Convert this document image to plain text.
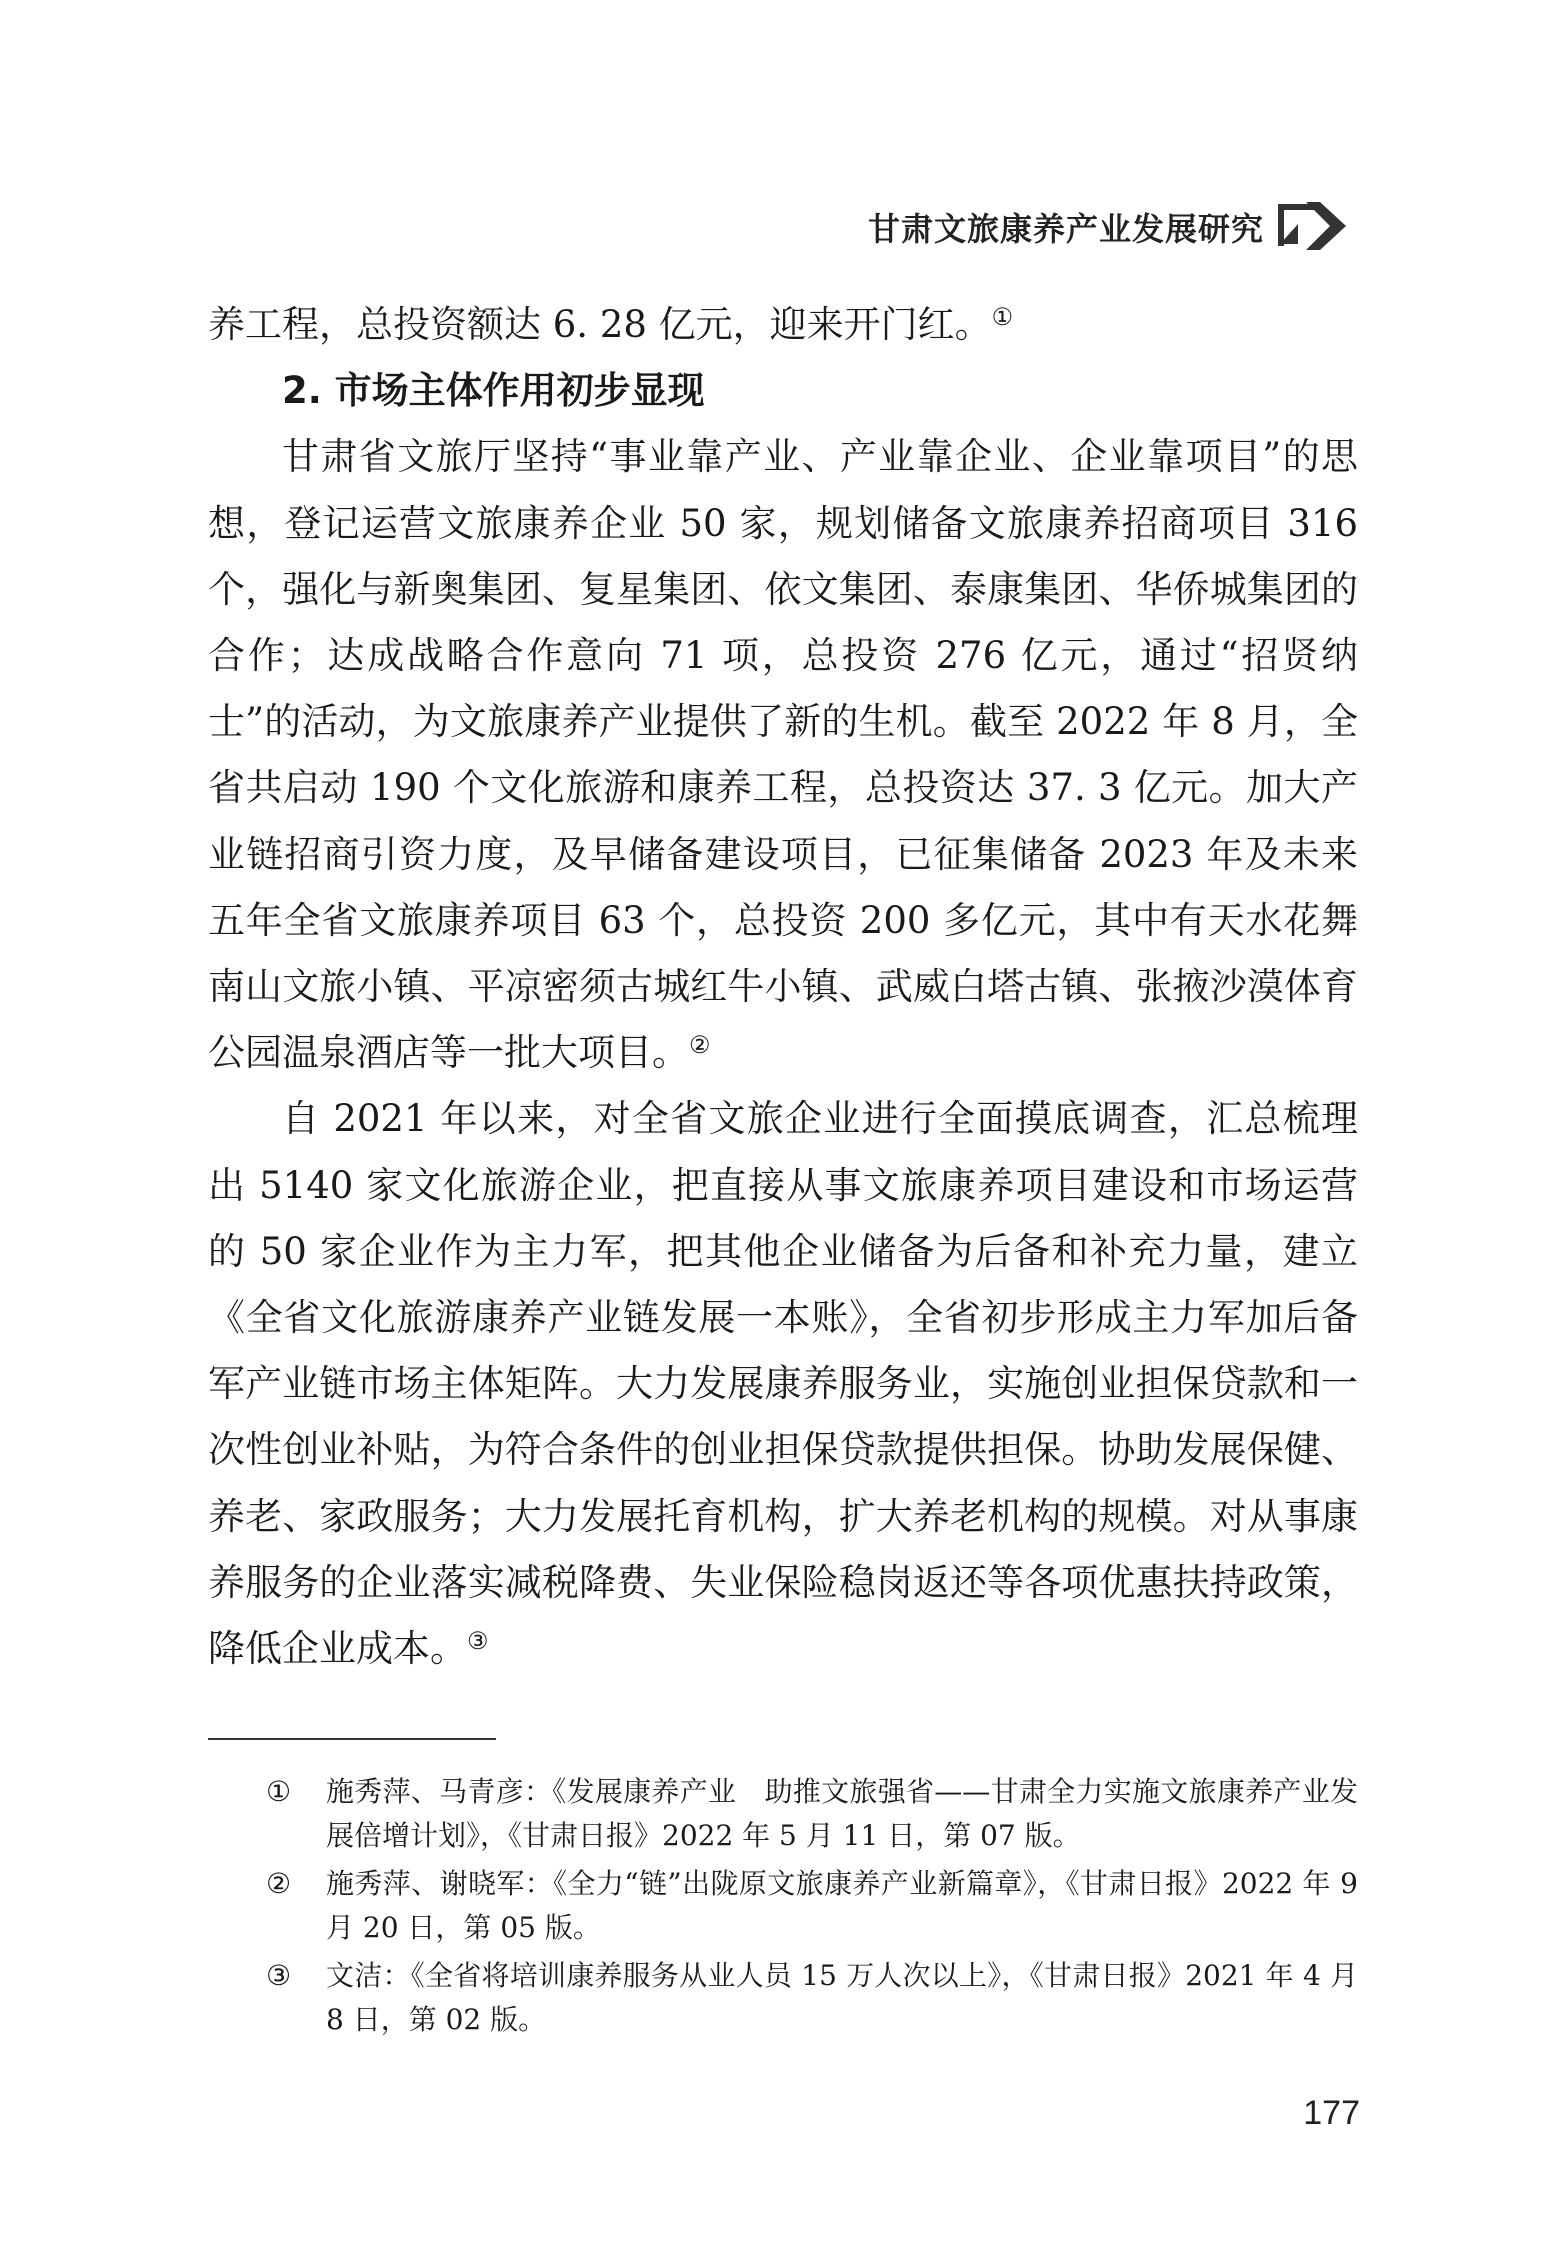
甘肃文旅康养产业发展研究

养工程，总投资额达 6. 28 亿元，迎来开门红。①

2. 市场主体作用初步显现

甘肃省文旅厅坚持“事业靠产业、产业靠企业、企业靠项目”的思想，登记运营文旅康养企业 50 家，规划储备文旅康养招商项目 316 个，强化与新奥集团、复星集团、依文集团、泰康集团、华侨城集团的合作；达成战略合作意向 71 项，总投资 276 亿元，通过“招贤纳士”的活动，为文旅康养产业提供了新的生机。截至 2022 年 8 月，全省共启动 190 个文化旅游和康养工程，总投资达 37. 3 亿元。加大产业链招商引资力度，及早储备建设项目，已征集储备 2023 年及未来五年全省文旅康养项目 63 个，总投资 200 多亿元，其中有天水花舞南山文旅小镇、平凉密须古城红牛小镇、武威白塔古镇、张掖沙漠体育公园温泉酒店等一批大项目。②

自 2021 年以来，对全省文旅企业进行全面摸底调查，汇总梳理出 5140 家文化旅游企业，把直接从事文旅康养项目建设和市场运营的 50 家企业作为主力军，把其他企业储备为后备和补充力量，建立《全省文化旅游康养产业链发展一本账》，全省初步形成主力军加后备军产业链市场主体矩阵。大力发展康养服务业，实施创业担保贷款和一次性创业补贴，为符合条件的创业担保贷款提供担保。协助发展保健、养老、家政服务；大力发展托育机构，扩大养老机构的规模。对从事康养服务的企业落实减税降费、失业保险稳岗返还等各项优惠扶持政策，降低企业成本。③

① 施秀萍、马青彦：《发展康养产业　助推文旅强省——甘肃全力实施文旅康养产业发展倍增计划》，《甘肃日报》2022 年 5 月 11 日，第 07 版。
② 施秀萍、谢晓军：《全力“链”出陇原文旅康养产业新篇章》，《甘肃日报》2022 年 9 月 20 日，第 05 版。
③ 文洁：《全省将培训康养服务从业人员 15 万人次以上》，《甘肃日报》2021 年 4 月 8 日，第 02 版。
177
